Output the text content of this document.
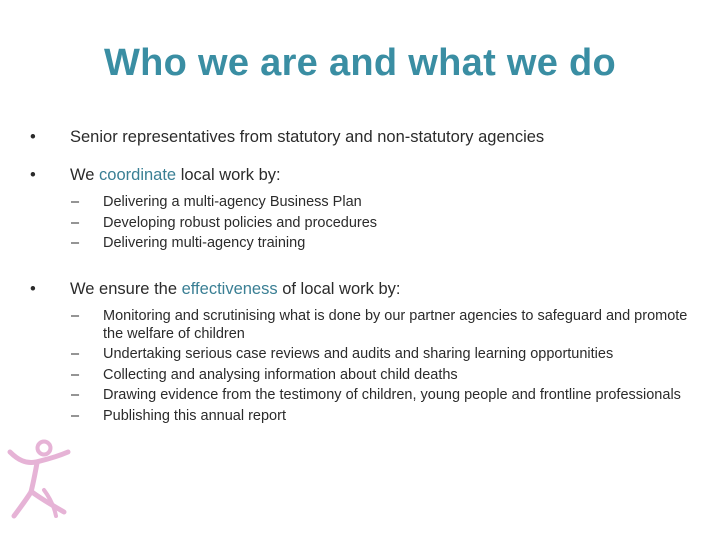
Who we are and what we do
• Senior representatives from statutory and non-statutory agencies
• We coordinate local work by:
– Delivering a multi-agency Business Plan
– Developing robust policies and procedures
– Delivering multi-agency training
• We ensure the effectiveness of local work by:
– Monitoring and scrutinising what is done by our partner agencies to safeguard and promote the welfare of children
– Undertaking serious case reviews and audits and sharing learning opportunities
– Collecting and analysing information about child deaths
– Drawing evidence from the testimony of children, young people and frontline professionals
– Publishing this annual report
